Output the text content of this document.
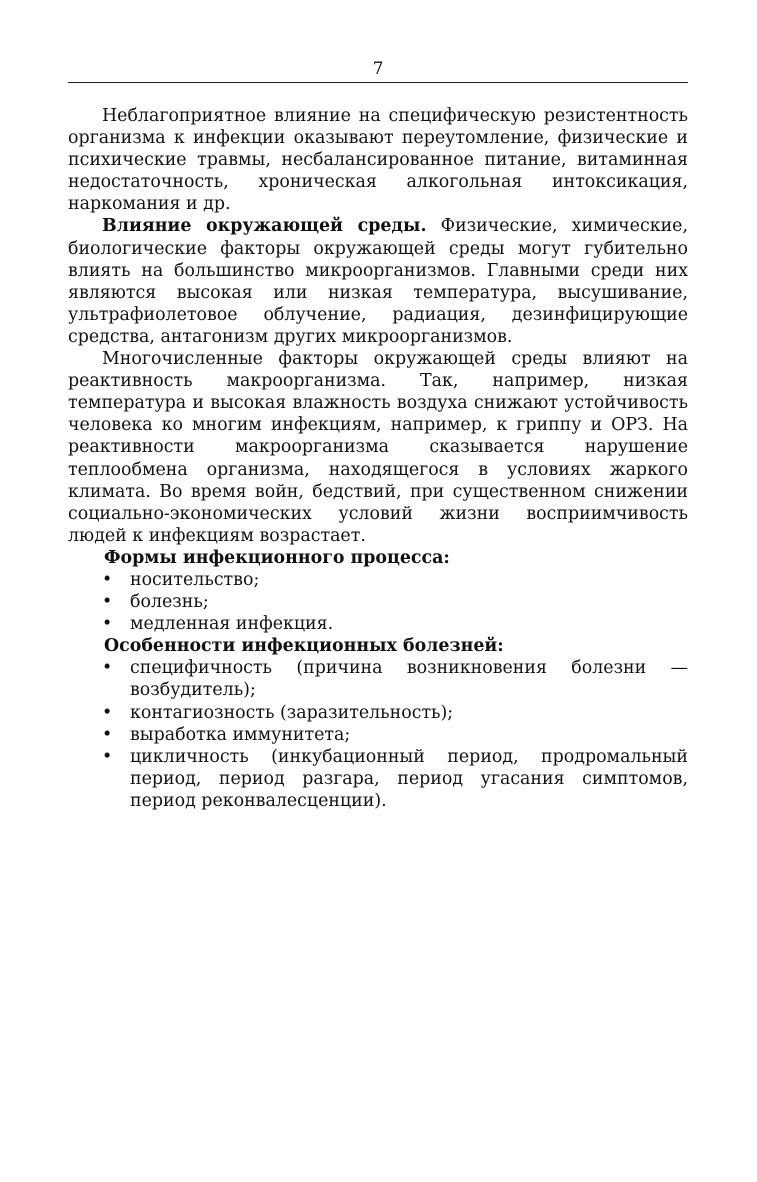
7

Неблагоприятное влияние на специфическую резистентность организма к инфекции оказывают переутомление, физические и психические травмы, несбалансированное питание, витаминная недостаточность, хроническая алкогольная интоксикация, наркомания и др.

Влияние окружающей среды. Физические, химические, биологические факторы окружающей среды могут губительно влиять на большинство микроорганизмов. Главными среди них являются высокая или низкая температура, высушивание, ультрафиолетовое облучение, радиация, дезинфицирующие средства, антагонизм других микроорганизмов.

Многочисленные факторы окружающей среды влияют на реактивность макроорганизма. Так, например, низкая температура и высокая влажность воздуха снижают устойчивость человека ко многим инфекциям, например, к гриппу и ОРЗ. На реактивности макроорганизма сказывается нарушение теплообмена организма, находящегося в условиях жаркого климата. Во время войн, бедствий, при существенном снижении социально-экономических условий жизни восприимчивость людей к инфекциям возрастает.

Формы инфекционного процесса:
• носительство;
• болезнь;
• медленная инфекция.
Особенности инфекционных болезней:
• специфичность (причина возникновения болезни — возбудитель);
• контагиозность (заразительность);
• выработка иммунитета;
• цикличность (инкубационный период, продромальный период, период разгара, период угасания симптомов, период реконвалесценции).
